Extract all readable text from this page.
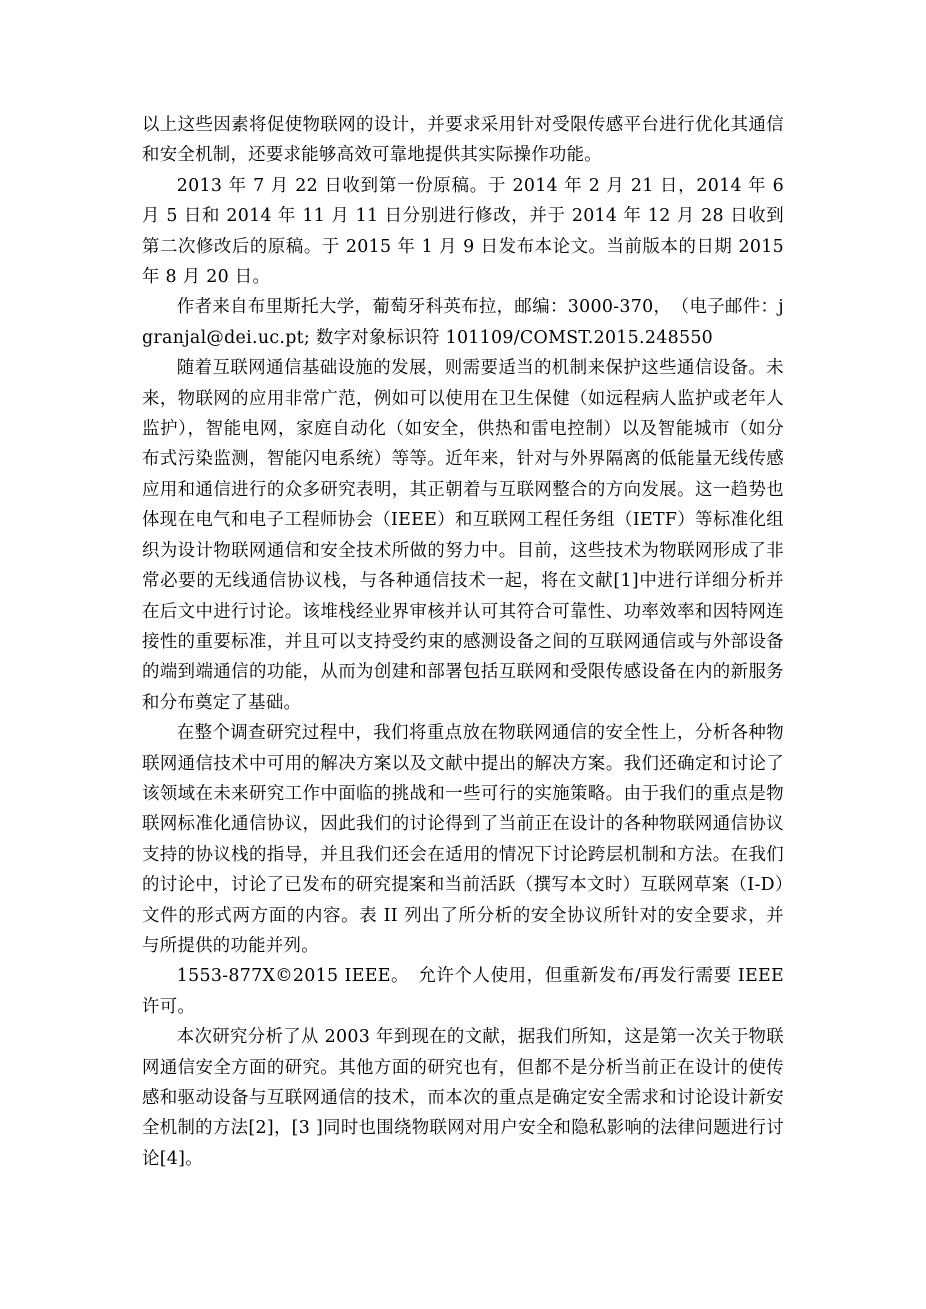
以上这些因素将促使物联网的设计，并要求采用针对受限传感平台进行优化其通信和安全机制，还要求能够高效可靠地提供其实际操作功能。

2013 年 7 月 22 日收到第一份原稿。于 2014 年 2 月 21 日，2014 年 6 月 5 日和 2014 年 11 月 11 日分别进行修改，并于 2014 年 12 月 28 日收到第二次修改后的原稿。于 2015 年 1 月 9 日发布本论文。当前版本的日期 2015 年 8 月 20 日。

作者来自布里斯托大学，葡萄牙科英布拉，邮编：3000-370，　（电子邮件：jgranjal@dei.uc.pt; 数字对象标识符 101109/COMST.2015.248550

随着互联网通信基础设施的发展，则需要适当的机制来保护这些通信设备。未来，物联网的应用非常广范，例如可以使用在卫生保健（如远程病人监护或老年人监护），智能电网，家庭自动化（如安全，供热和雷电控制）以及智能城市（如分布式污染监测，智能闪电系统）等等。近年来，针对与外界隔离的低能量无线传感应用和通信进行的众多研究表明，其正朝着与互联网整合的方向发展。这一趋势也体现在电气和电子工程师协会（IEEE）和互联网工程任务组（IETF）等标准化组织为设计物联网通信和安全技术所做的努力中。目前，这些技术为物联网形成了非常必要的无线通信协议栈，与各种通信技术一起，将在文献[1]中进行详细分析并在后文中进行讨论。该堆栈经业界审核并认可其符合可靠性、功率效率和因特网连接性的重要标准，并且可以支持受约束的感测设备之间的互联网通信或与外部设备的端到端通信的功能，从而为创建和部署包括互联网和受限传感设备在内的新服务和分布奠定了基础。

在整个调查研究过程中，我们将重点放在物联网通信的安全性上，分析各种物联网通信技术中可用的解决方案以及文献中提出的解决方案。我们还确定和讨论了该领域在未来研究工作中面临的挑战和一些可行的实施策略。由于我们的重点是物联网标准化通信协议，因此我们的讨论得到了当前正在设计的各种物联网通信协议支持的协议栈的指导，并且我们还会在适用的情况下讨论跨层机制和方法。在我们的讨论中，讨论了已发布的研究提案和当前活跃（撰写本文时）互联网草案（I-D）文件的形式两方面的内容。表 II 列出了所分析的安全协议所针对的安全要求，并与所提供的功能并列。

1553-877X©2015 IEEE。　允许个人使用，但重新发布/再发行需要 IEEE 许可。

本次研究分析了从 2003 年到现在的文献，据我们所知，这是第一次关于物联网通信安全方面的研究。其他方面的研究也有，但都不是分析当前正在设计的使传感和驱动设备与互联网通信的技术，而本次的重点是确定安全需求和讨论设计新安全机制的方法[2]，[3 ]同时也围绕物联网对用户安全和隐私影响的法律问题进行讨论[4]。
